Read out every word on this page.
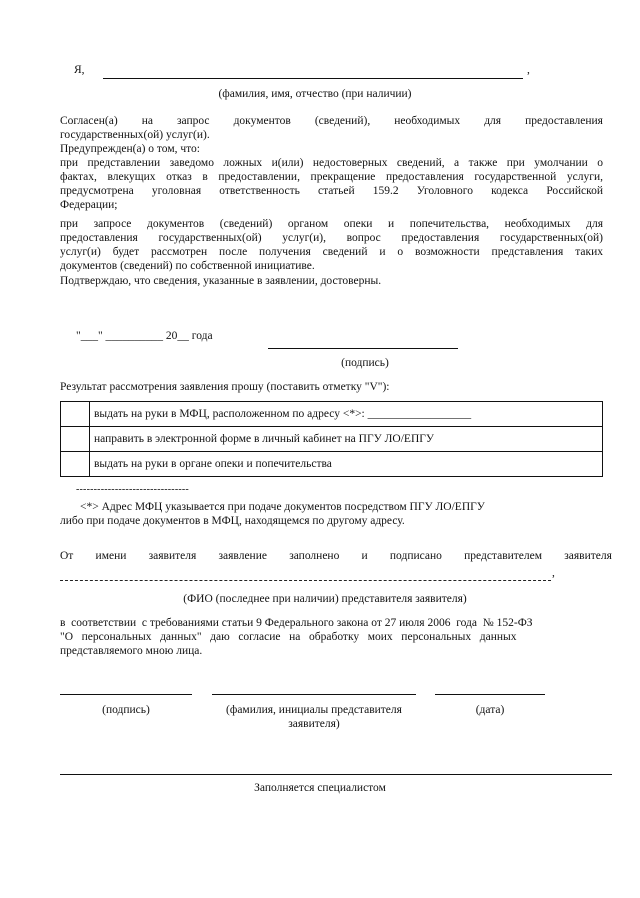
Я,	,
(фамилия, имя, отчество (при наличии)
Согласен(а) на запрос документов (сведений), необходимых для предоставления
государственных(ой) услуг(и).
Предупрежден(а) о том, что:
при представлении заведомо ложных и(или) недостоверных сведений, а также при умолчании о
фактах, влекущих отказ в предоставлении, прекращение предоставления государственной услуги,
предусмотрена уголовная ответственность статьей 159.2 Уголовного кодекса Российской
Федерации;
при запросе документов (сведений) органом опеки и попечительства, необходимых для
предоставления государственных(ой) услуг(и), вопрос предоставления государственных(ой)
услуг(и) будет рассмотрен после получения сведений и о возможности представления таких
документов (сведений) по собственной инициативе.
Подтверждаю, что сведения, указанные в заявлении, достоверны.
"___" __________ 20__ года
(подпись)
Результат рассмотрения заявления прошу (поставить отметку "V"):
	выдать на руки в МФЦ, расположенном по адресу <*>: __________________
	направить в электронной форме в личный кабинет на ПГУ ЛО/ЕПГУ
	выдать на руки в органе опеки и попечительства
--------------------------------
<*> Адрес МФЦ указывается при подаче документов посредством ПГУ ЛО/ЕПГУ
либо при подаче документов в МФЦ, находящемся по другому адресу.
От имени заявителя заявление заполнено и подписано представителем заявителя
,
(ФИО (последнее при наличии) представителя заявителя)
в  соответствии  с требованиями статьи 9 Федерального закона от 27 июля 2006  года  № 152-ФЗ
"О   персональных   данных"   даю   согласие   на   обработку   моих   персональных   данных
представляемого мною лица.
(подпись)	(фамилия, инициалы представителя
заявителя)
(дата)
Заполняется специалистом
